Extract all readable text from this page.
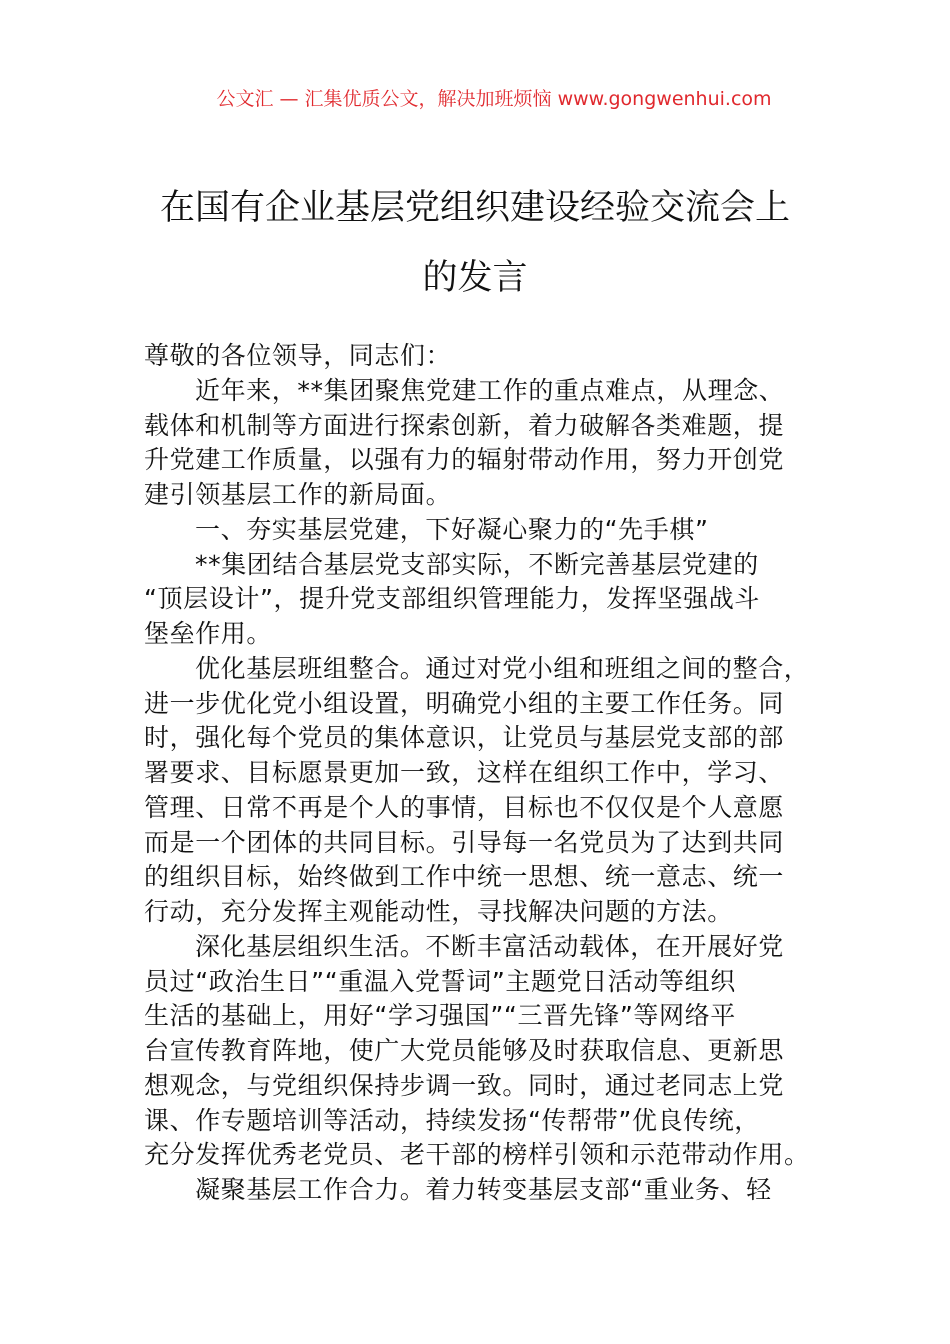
公文汇 — 汇集优质公文，解决加班烦恼 www.gongwenhui.com
在国有企业基层党组织建设经验交流会上
的发言
尊敬的各位领导，同志们：
近年来，**集团聚焦党建工作的重点难点，从理念、
载体和机制等方面进行探索创新，着力破解各类难题，提
升党建工作质量，以强有力的辐射带动作用，努力开创党
建引领基层工作的新局面。
一、夯实基层党建，下好凝心聚力的“先手棋”
**集团结合基层党支部实际，不断完善基层党建的
“顶层设计”，提升党支部组织管理能力，发挥坚强战斗
堡垒作用。
优化基层班组整合。通过对党小组和班组之间的整合，
进一步优化党小组设置，明确党小组的主要工作任务。同
时，强化每个党员的集体意识，让党员与基层党支部的部
署要求、目标愿景更加一致，这样在组织工作中，学习、
管理、日常不再是个人的事情，目标也不仅仅是个人意愿
而是一个团体的共同目标。引导每一名党员为了达到共同
的组织目标，始终做到工作中统一思想、统一意志、统一
行动，充分发挥主观能动性，寻找解决问题的方法。
深化基层组织生活。不断丰富活动载体，在开展好党
员过“政治生日”“重温入党誓词”主题党日活动等组织
生活的基础上，用好“学习强国”“三晋先锋”等网络平
台宣传教育阵地，使广大党员能够及时获取信息、更新思
想观念，与党组织保持步调一致。同时，通过老同志上党
课、作专题培训等活动，持续发扬“传帮带”优良传统，
充分发挥优秀老党员、老干部的榜样引领和示范带动作用。
凝聚基层工作合力。着力转变基层支部“重业务、轻
